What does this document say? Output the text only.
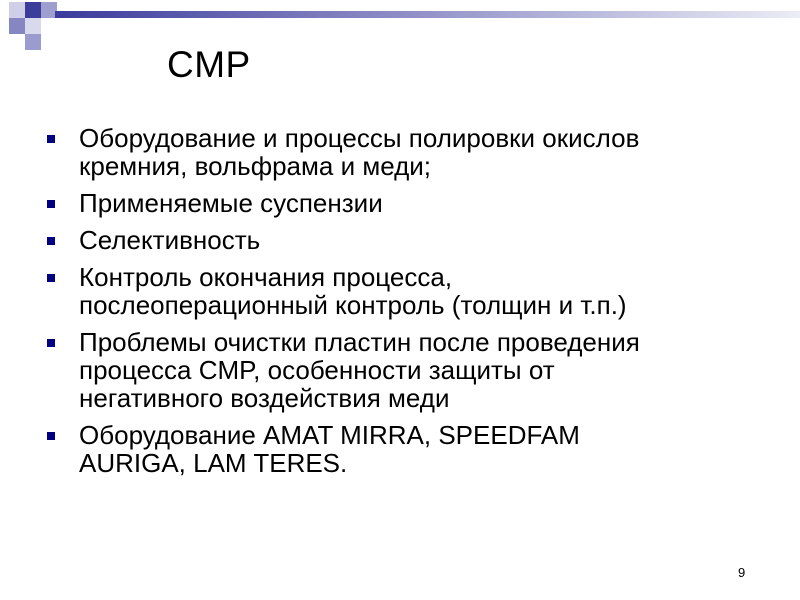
CMP
Оборудование и процессы полировки окислов
кремния, вольфрама и меди;
Применяемые суспензии
Селективность
Контроль окончания процесса,
послеоперационный контроль (толщин и т.п.)
Проблемы очистки пластин после проведения
процесса CMP, особенности защиты от
негативного воздействия меди
Оборудование AMAT MIRRA, SPEEDFAM
AURIGA, LAM TERES.
9
